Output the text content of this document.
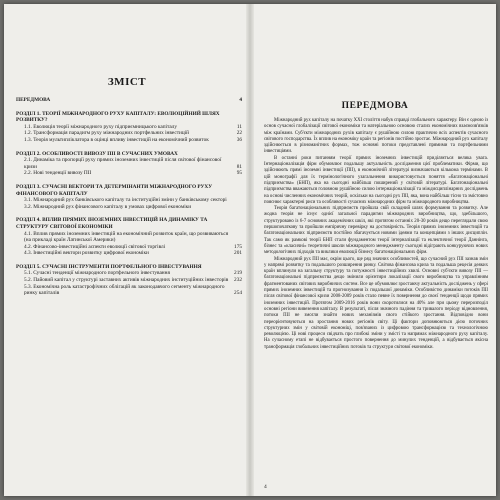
ЗМІСТ
ПЕРЕДМОВА	4
РОЗДІЛ 1. ТЕОРІЇ МІЖНАРОДНОГО РУХУ КАПІТАЛУ: ЕВОЛЮЦІЙНИЙ ШЛЯХ РОЗВИТКУ?
1.1. Еволюція теорії міжнародного руху підприємницького капіталу	11
1.2. Трансформація парадигм руху міжнародних портфельних інвестицій	22
1.3. Теорія мультипліклатора в оцінці впливу інвестицій на економічний розвиток	36
РОЗДІЛ 2. ОСОБЛИВОСТІ ВИВОЗУ ПІІ В СУЧАСНИХ УМОВАХ
2.1. Динаміка та пропорції руху прямих іноземних інвестицій після світової фінансової кризи	81
2.2. Нові тенденції вивозу ПІІ	95
РОЗДІЛ 3. СУЧАСНІ ВЕКТОРИ ТА ДЕТЕРМІНАНТИ МІЖНАРОДНОГО РУХУ ФІНАНСОВОГО КАПІТАЛУ
3.1. Міжнародний рух банківського капіталу та інституційні зміни у банківському секторі
3.2. Міжнародний рух фінансового капіталу в умовах цифрової економіки
РОЗДІЛ 4. ВПЛИВ ПРЯМИХ ІНОЗЕМНИХ ІНВЕСТИЦІЙ НА ДИНАМІКУ ТА СТРУКТУРУ СВІТОВОЇ ЕКОНОМІКИ
4.1. Вплив прямих іноземних інвестицій на економічний розвиток країн, що розвиваються (на прикладі країн Латинської Америки)
4.2. Фінансово-інвестиційні аспекти еволюції світової торгівлі	175
4.3. Інвестиційні вектори розвитку цифрової економіки	201
РОЗДІЛ 5. СУЧАСНІ ІНСТРУМЕНТИ ПОРТФЕЛЬНОГО ІНВЕСТУВАННЯ
5.1. Сучасні тенденції міжнародного портфельного інвестування	219
5.2. Пайовий капітал у структурі заставних активів міжнародних інституційних інвесторів 232
5.3. Економічна роль катастрофічних облігацій як законодавчого сегменту міжнародного ринку капіталів	254
ПЕРЕДМОВА

Міжнародний рух капіталу на початку ХХІ століття набув справді глобального характеру. Він є одною із основ сучасної глобалізації світової економіки та матеріальною основою сталих економічних взаємозв'язків між країнами. Суб'єкти міжнародних рухів капіталу є рушійною силою практично всіх аспектів сучасного світового господарства. Їх вплив на економіку країн та регіонів постійно зростає. Міжнародний рух капіталу здійснюється в різноманітних формах, тож основні потоки представлені прямими та портфельними інвестиціями.

В останні роки питанням теорії прямих іноземних інвестицій приділяється велика увага. Інтернаціоналізація фірм обумовлює подальшу актуальність дослідження цієї проблематики. Фірми, що здійснюють прямі іноземні інвестиції (ПІІ), в економічній літературі визначаються кількома термінами. В цій монографії для їх термінологічного узагальнення використовується поняття «багатонаціональні підприємства» (БНП), яка на сьогодні найбільш поширений у світовій літературі. Багатонаціональні підприємства вважаються головною рушійною силою інтернаціоналізації та міждисциплінарних досліджень на основі численних економічних теорій, оскільки на сьогодні рух ПІІ, яка, вона найбільш тісно та змістовно пояснює характерні риси та особливості сучасних міжнародних фірм та міжнародного виробництва.

Теорія багатонаціональних підприємств пройшла свій складний шлях формування та розвитку. Але жодна теорія не існує однієї загальної парадигми міжнародних виробництва, що, здебільшого, структуровано із 6-7 основних академічних шкіл, які протягом останніх 20-30 років дещо переглядали свою першопочаткову та пройшли емпіричну перевірку на достовірність. Теорія прямих іноземних інвестицій та багатонаціональних підприємств постійно збагачується новими ідеями та концепціями з інших дисциплін. Так само як рамкові теорії БНП стали фундаментом теорії інтерналізації та еклектичної теорії Даннінга, бізнес та «класичні» теоретичні школи міжнародного менеджменту сьогодні відіграють конкуруючих нових методологічних підходів та виклики еволюції бізнесу багатонаціональних фірм.

Міжнародний рух ПІІ має, окрім цього, ще ряд значних особливостей, що сучасний рух ПІІ зазнав змін у напрямі розвитку та подальшого розширення ринку. Світова фінансова криза та подальша рецесія деяких країн вплинули на загальну структуру та потужності інвестиційних хвилі. Основні суб'єкти вивозу ПІІ — багатонаціональні підприємства дещо змінили орієнтири локалізації свого виробництва та управлінням фрагментованих світових виробничих систем. Все це обумовлює зростаючу актуальність досліджень у сфері прямих іноземних інвестицій та прогнозування їх подальшої динаміки. Особливістю динаміки потоків ПІІ після світової фінансової кризи 2008-2009 років стало певне їх повернення до своєї тенденції щодо прямих іноземних інвестицій. Протягом 2009-2016 років вони скоротилися на 40% але при цьому перерозподіл основні регіони вивезення капіталу. В результаті, після значного падіння та тривалого періоду відновлення, потоки ПІІ не змогли знайти нових механізмів свого стійкого зростання. Відповідно вони переорієнтовуються на зростання нових регіонів світу. Ці фактори доповнюються дією поточних структурних змін у світовій економіці, пов'язаних із цифровою трансформацією та технологічною революцією. Ці нові процеси свідчать про глибокі зміни у змісті та напрямах міжнародного руху капіталу. На сучасному етапі не відбувається простого повернення до минулих тенденцій, а відбувається якісна трансформація глобальних інвестиційних потоків та структури світової економіки.

4
